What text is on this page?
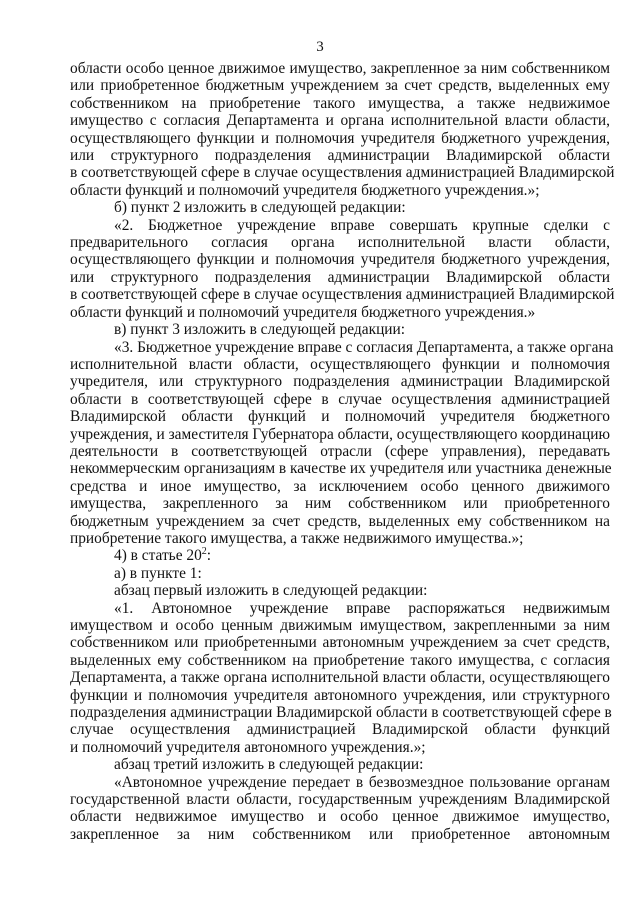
3
области особо ценное движимое имущество, закрепленное за ним собственником
или приобретенное бюджетным учреждением за счет средств, выделенных ему
собственником на приобретение такого имущества, а также недвижимое
имущество с согласия Департамента и органа исполнительной власти области,
осуществляющего функции и полномочия учредителя бюджетного учреждения,
или структурного подразделения администрации Владимирской области
в соответствующей сфере в случае осуществления администрацией Владимирской
области функций и полномочий учредителя бюджетного учреждения.»;
б) пункт 2 изложить в следующей редакции:
«2. Бюджетное учреждение вправе совершать крупные сделки с
предварительного согласия органа исполнительной власти области,
осуществляющего функции и полномочия учредителя бюджетного учреждения,
или структурного подразделения администрации Владимирской области
в соответствующей сфере в случае осуществления администрацией Владимирской
области функций и полномочий учредителя бюджетного учреждения.»
в) пункт 3 изложить в следующей редакции:
«3. Бюджетное учреждение вправе с согласия Департамента, а также органа
исполнительной власти области, осуществляющего функции и полномочия
учредителя, или структурного подразделения администрации Владимирской
области в соответствующей сфере в случае осуществления администрацией
Владимирской области функций и полномочий учредителя бюджетного
учреждения, и заместителя Губернатора области, осуществляющего координацию
деятельности в соответствующей отрасли (сфере управления), передавать
некоммерческим организациям в качестве их учредителя или участника денежные
средства и иное имущество, за исключением особо ценного движимого
имущества, закрепленного за ним собственником или приобретенного
бюджетным учреждением за счет средств, выделенных ему собственником на
приобретение такого имущества, а также недвижимого имущества.»;
4) в статье $20^2$:
а) в пункте 1:
абзац первый изложить в следующей редакции:
«1. Автономное учреждение вправе распоряжаться недвижимым
имуществом и особо ценным движимым имуществом, закрепленными за ним
собственником или приобретенными автономным учреждением за счет средств,
выделенных ему собственником на приобретение такого имущества, с согласия
Департамента, а также органа исполнительной власти области, осуществляющего
функции и полномочия учредителя автономного учреждения, или структурного
подразделения администрации Владимирской области в соответствующей сфере в
случае осуществления администрацией Владимирской области функций
и полномочий учредителя автономного учреждения.»;
абзац третий изложить в следующей редакции:
«Автономное учреждение передает в безвозмездное пользование органам
государственной власти области, государственным учреждениям Владимирской
области недвижимое имущество и особо ценное движимое имущество,
закрепленное за ним собственником или приобретенное автономным
